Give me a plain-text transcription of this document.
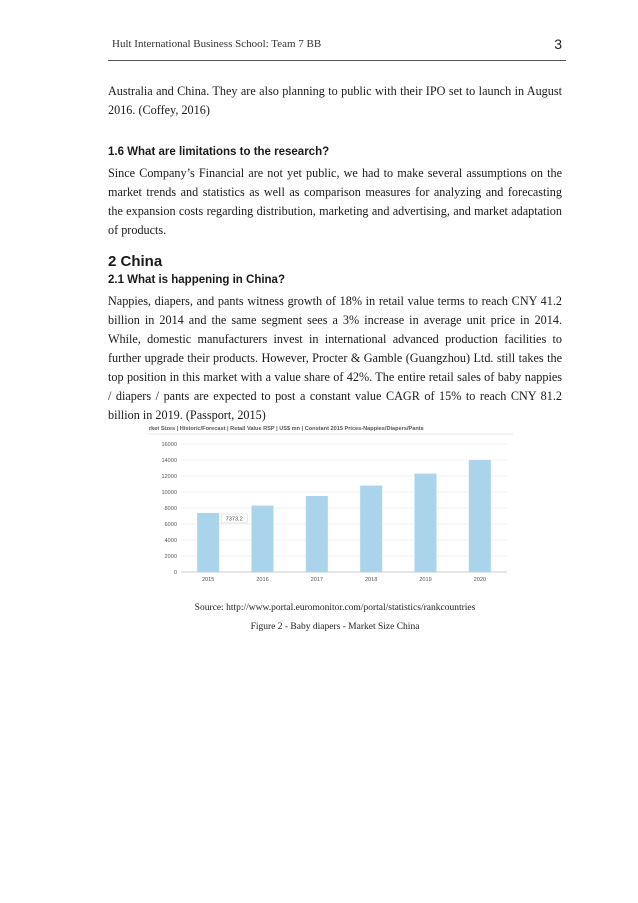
Hult International Business School: Team 7 BB	3

Australia and China. They are also planning to public with their IPO set to launch in August 2016. (Coffey, 2016)

1.6 What are limitations to the research?

Since Company’s Financial are not yet public, we had to make several assumptions on the market trends and statistics as well as comparison measures for analyzing and forecasting the expansion costs regarding distribution, marketing and advertising, and market adaptation of products.

2 China
2.1 What is happening in China?

Nappies, diapers, and pants witness growth of 18% in retail value terms to reach CNY 41.2 billion in 2014 and the same segment sees a 3% increase in average unit price in 2014. While, domestic manufacturers invest in international advanced production facilities to further upgrade their products. However, Procter & Gamble (Guangzhou) Ltd. still takes the top position in this market with a value share of 42%. The entire retail sales of baby nappies / diapers / pants are expected to post a constant value CAGR of 15% to reach CNY 81.2 billion in 2019. (Passport, 2015)

rket Sizes | Historic/Forecast | Retail Value RSP | US$ mn | Constant 2015 Prices-Nappies/Diapers/Pants
0
2000
4000
6000
8000
10000
12000
14000
16000
7373.2
2015	2016	2017	2018	2019	2020
Source: http://www.portal.euromonitor.com/portal/statistics/rankcountries
Figure 2 - Baby diapers - Market Size China
